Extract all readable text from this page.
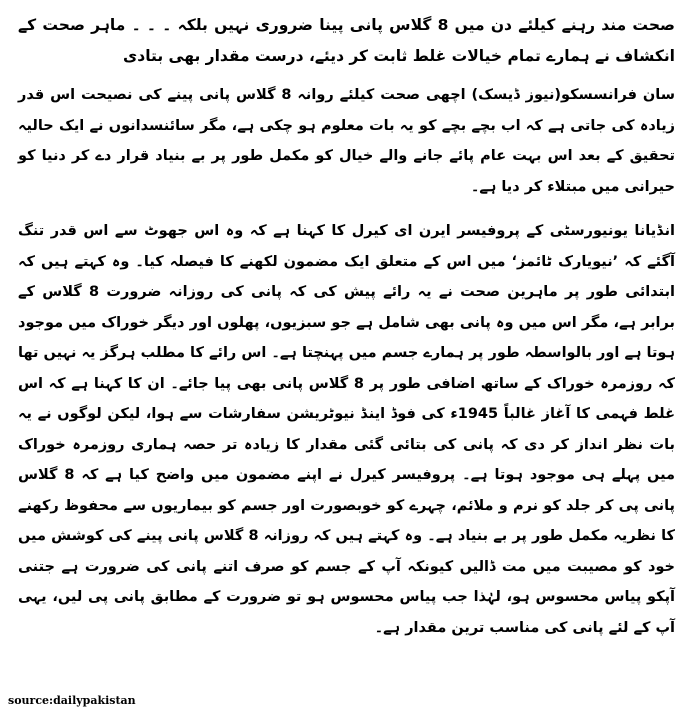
صحت مند رہنے کیلئے دن میں 8 گلاس پانی پینا ضروری نہیں بلکہ ۔ ۔ ۔ ماہر صحت کے انکشاف نے ہمارے تمام خیالات غلط ثابت کر دیئے، درست مقدار بھی بتادی

سان فرانسسکو(نیوز ڈیسک) اچھی صحت کیلئے روانہ 8 گلاس پانی پینے کی نصیحت اس قدر زیادہ کی جاتی ہے کہ اب بچے بچے کو یہ بات معلوم ہو چکی ہے، مگر سائنسدانوں نے ایک حالیہ تحقیق کے بعد اس بہت عام پائے جانے والے خیال کو مکمل طور پر بے بنیاد قرار دے کر دنیا کو حیرانی میں مبتلاء کر دیا ہے۔

انڈیانا یونیورسٹی کے پروفیسر ایرن ای کیرل کا کہنا ہے کہ وہ اس جھوٹ سے اس قدر تنگ آگئے کہ ’نیویارک ٹائمز‘ میں اس کے متعلق ایک مضمون لکھنے کا فیصلہ کیا۔ وہ کہتے ہیں کہ ابتدائی طور پر ماہرین صحت نے یہ رائے پیش کی کہ پانی کی روزانہ ضرورت 8 گلاس کے برابر ہے، مگر اس میں وہ پانی بھی شامل ہے جو سبزیوں، پھلوں اور دیگر خوراک میں موجود ہوتا ہے اور بالواسطہ طور پر ہمارے جسم میں پہنچتا ہے۔ اس رائے کا مطلب ہرگز یہ نہیں تھا کہ روزمرہ خوراک کے ساتھ اضافی طور پر 8 گلاس پانی بھی پیا جائے۔ ان کا کہنا ہے کہ اس غلط فہمی کا آغاز غالباً 1945ء کی فوڈ اینڈ نیوٹریشن سفارشات سے ہوا، لیکن لوگوں نے یہ بات نظر انداز کر دی کہ پانی کی بتائی گئی مقدار کا زیادہ تر حصہ ہماری روزمرہ خوراک میں پہلے ہی موجود ہوتا ہے۔ پروفیسر کیرل نے اپنے مضمون میں واضح کیا ہے کہ 8 گلاس پانی پی کر جلد کو نرم و ملائم، چہرے کو خوبصورت اور جسم کو بیماریوں سے محفوظ رکھنے کا نظریہ مکمل طور پر بے بنیاد ہے۔ وہ کہتے ہیں کہ روزانہ 8 گلاس پانی پینے کی کوشش میں خود کو مصیبت میں مت ڈالیں کیونکہ آپ کے جسم کو صرف اتنے پانی کی ضرورت ہے جتنی آپکو پیاس محسوس ہو، لہٰذا جب پیاس محسوس ہو تو ضرورت کے مطابق پانی پی لیں، یہی آپ کے لئے پانی کی مناسب ترین مقدار ہے۔

source:dailypakistan
